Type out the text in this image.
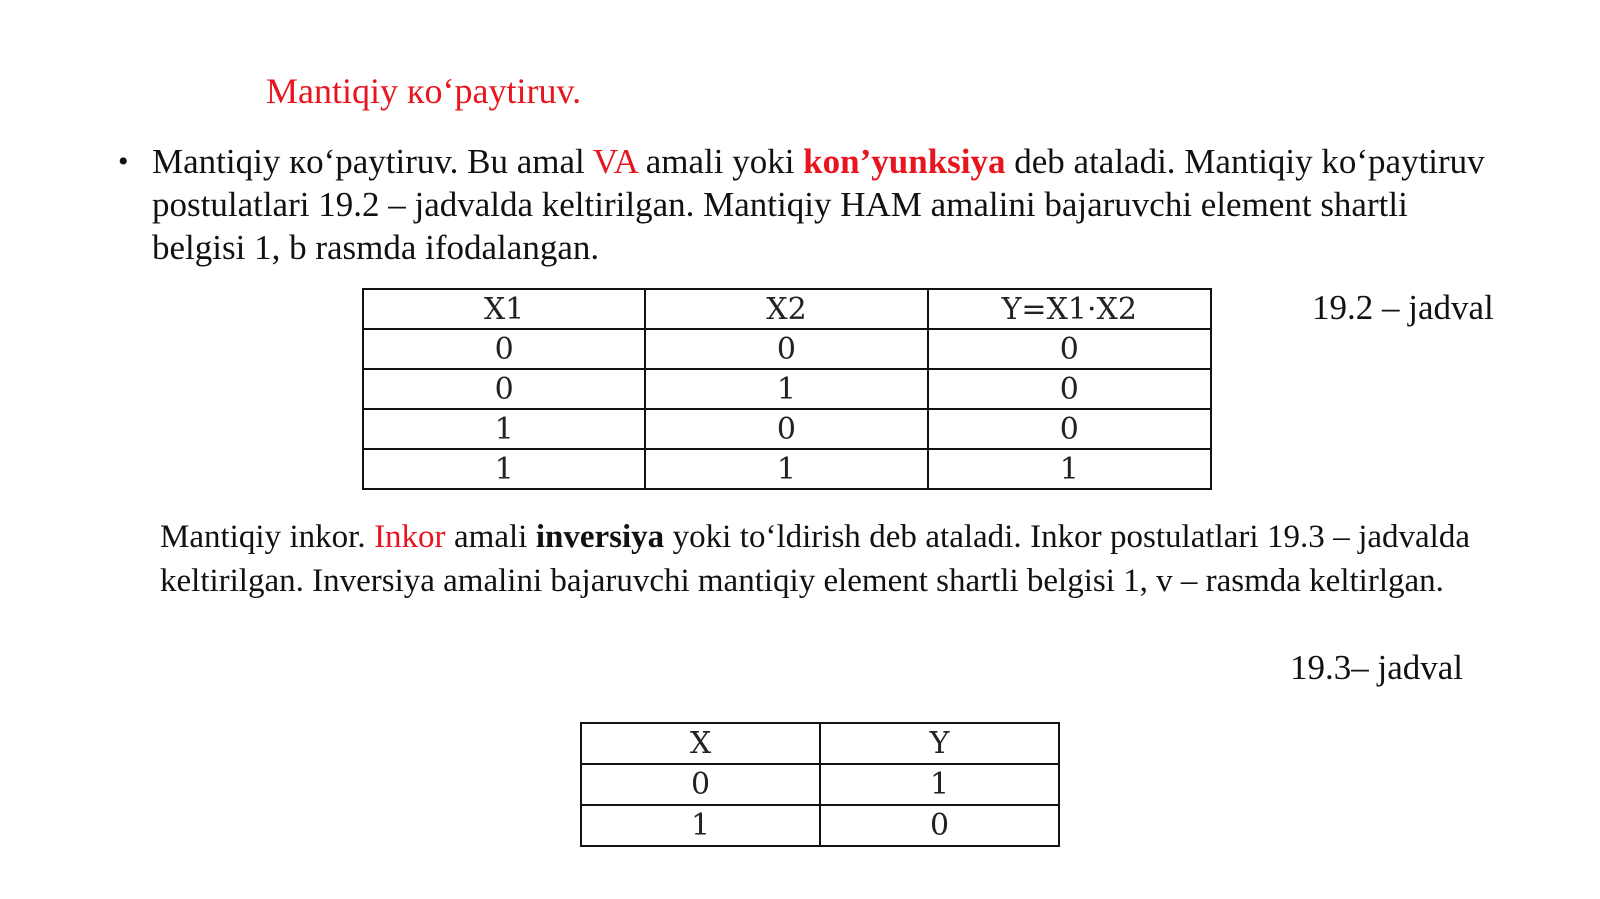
Mantiqiy кo‘paytiruv.
• Mantiqiy кo‘paytiruv. Bu amal VA amali yoki kon’yunksiya deb ataladi. Mantiqiy ko‘paytiruv postulatlari 19.2 – jadvalda keltirilgan. Mantiqiy HAM amalini bajaruvchi element shartli belgisi 1, b rasmda ifodalangan.
X1	X2	Y=X1·X2
0	0	0
0	1	0
1	0	0
1	1	1
19.2 – jadval
Mantiqiy inkor. Inkor amali inversiya yoki to‘ldirish deb ataladi. Inkor postulatlari 19.3 – jadvalda keltirilgan. Inversiya amalini bajaruvchi mantiqiy element shartli belgisi 1, v – rasmda keltirlgan.
19.3– jadval
X	Y
0	1
1	0
